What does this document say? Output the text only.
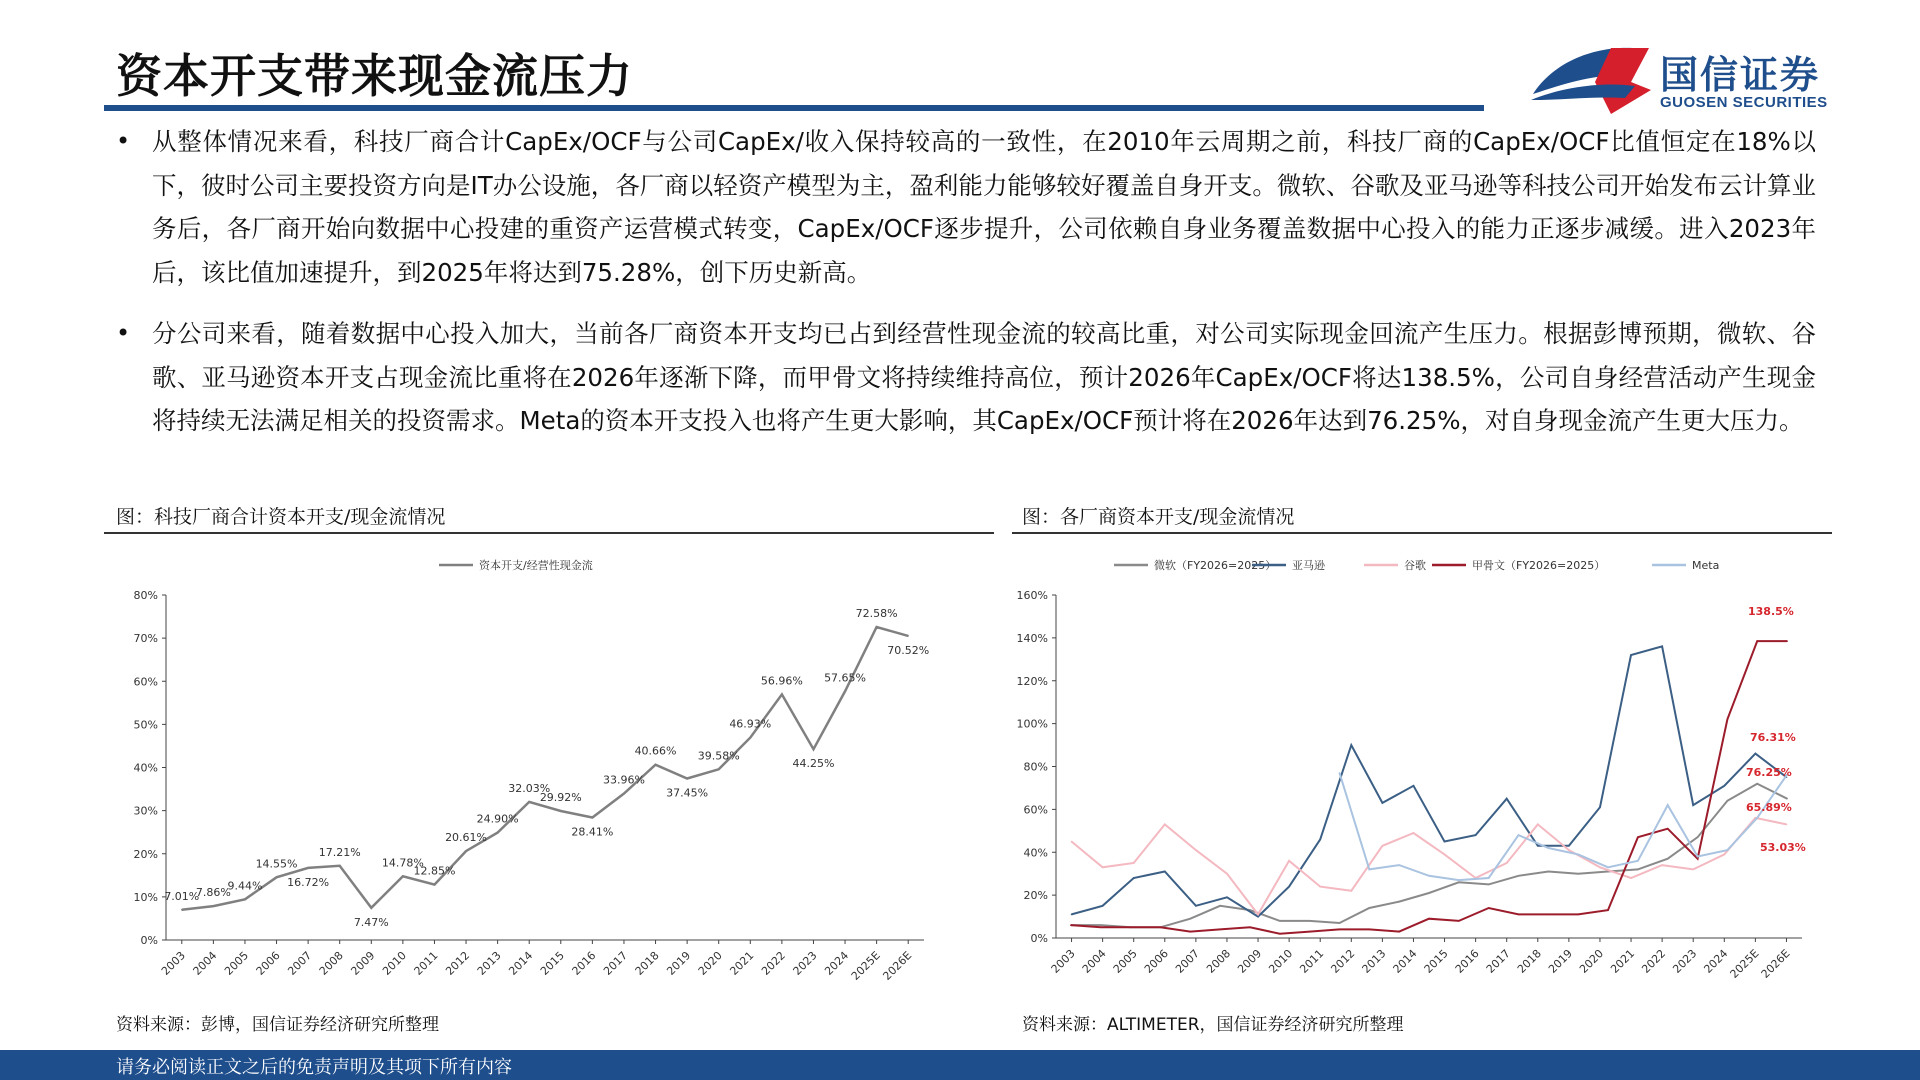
资本开支带来现金流压力	国信证券
GUOSEN SECURITIES
• 从整体情况来看，科技厂商合计CapEx/OCF与公司CapEx/收入保持较高的一致性，在2010年云周期之前，科技厂商的CapEx/OCF比值恒定在18%以下，彼时公司主要投资方向是IT办公设施，各厂商以轻资产模型为主，盈利能力能够较好覆盖自身开支。微软、谷歌及亚马逊等科技公司开始发布云计算业务后，各厂商开始向数据中心投建的重资产运营模式转变，CapEx/OCF逐步提升，公司依赖自身业务覆盖数据中心投入的能力正逐步减缓。进入2023年后，该比值加速提升，到2025年将达到75.28%，创下历史新高。
• 分公司来看，随着数据中心投入加大，当前各厂商资本开支均已占到经营性现金流的较高比重，对公司实际现金回流产生压力。根据彭博预期，微软、谷歌、亚马逊资本开支占现金流比重将在2026年逐渐下降，而甲骨文将持续维持高位，预计2026年CapEx/OCF将达138.5%，公司自身经营活动产生现金将持续无法满足相关的投资需求。Meta的资本开支投入也将产生更大影响，其CapEx/OCF预计将在2026年达到76.25%，对自身现金流产生更大压力。
图：科技厂商合计资本开支/现金流情况	图：各厂商资本开支/现金流情况
0%
10%
20%
30%
40%
50%
60%
70%
80%
2003 2004 2005 2006 2007 2008 2009 2010 2011 2012 2013 2014 2015 2016 2017 2018 2019 2020 2021 2022 2023 2024
2025E
2026E
7.01%
7.86%
9.44%
14.55%
16.72%
17.21%
7.47%
14.78%
12.85%
20.61%
24.90%
32.03%
29.92%
28.41%
33.96%
40.66%
37.45%
39.58%
46.93%
56.96%
44.25%
57.65%
72.58%
70.52%
资本开支/经营性现金流
0%
20%
40%
60%
80%
100%
120%
140%
160%
2003 2004 2005 2006 2007 2008 2009 2010 2011 2012 2013 2014 2015 2016 2017 2018 2019 2020 2021 2022 2023 2024
2025E
2026E
微软（FY2026=2025） 亚马逊	谷歌	甲骨文（FY2026=2025）	Meta
138.5%
76.31%
76.25%
65.89%
53.03%
资料来源：彭博，国信证券经济研究所整理	资料来源：ALTIMETER，国信证券经济研究所整理
请务必阅读正文之后的免责声明及其项下所有内容
